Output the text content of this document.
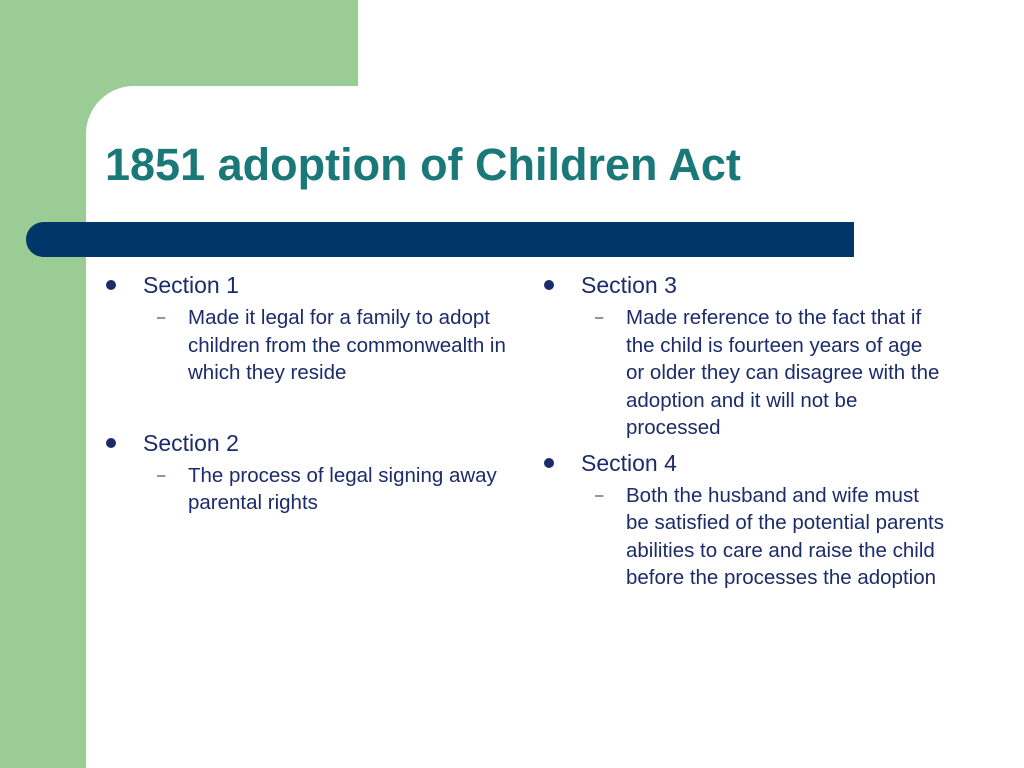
1851 adoption of Children Act
Section 1
– Made it legal for a family to adopt children from the commonwealth in which they reside
Section 2
– The process of legal signing away parental rights
Section 3
– Made reference to the fact that if the child is fourteen years of age or older they can disagree with the adoption and it will not be processed
Section 4
– Both the husband and wife must be satisfied of the potential parents abilities to care and raise the child before the processes the adoption
